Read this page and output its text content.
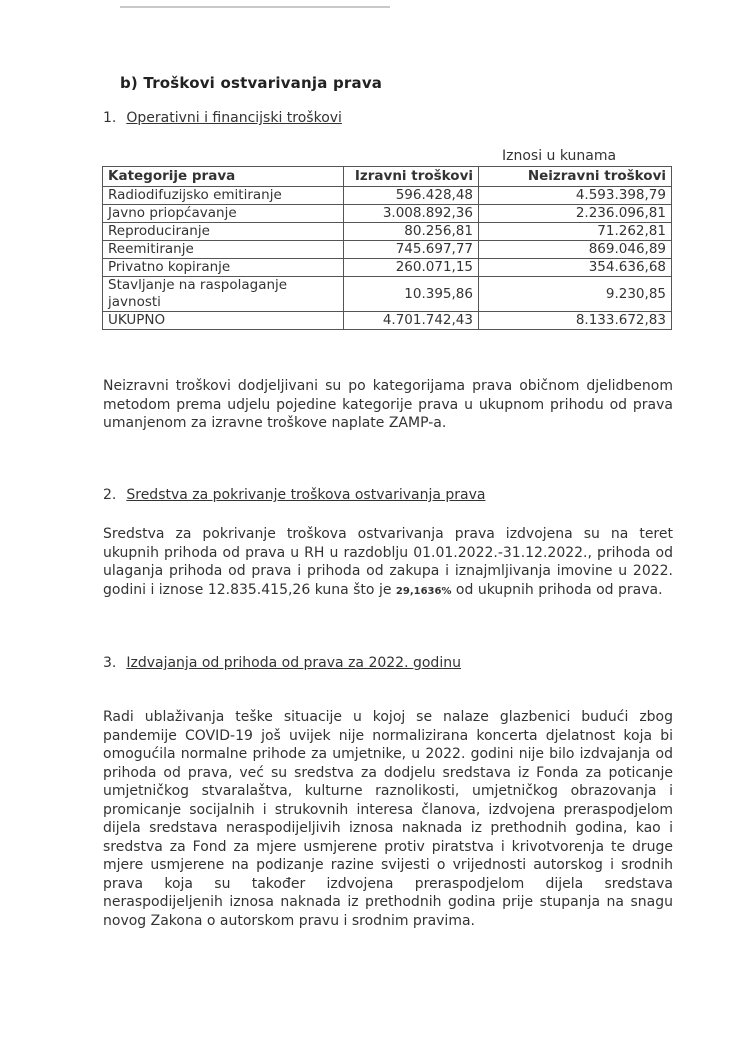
b) Troškovi ostvarivanja prava
1. Operativni i financijski troškovi
Iznosi u kunama
Kategorije prava	Izravni troškovi	Neizravni troškovi
Radiodifuzijsko emitiranje	596.428,48	4.593.398,79
Javno priopćavanje	3.008.892,36	2.236.096,81
Reproduciranje	80.256,81	71.262,81
Reemitiranje	745.697,77	869.046,89
Privatno kopiranje	260.071,15	354.636,68
Stavljanje na raspolaganje javnosti	10.395,86	9.230,85
UKUPNO	4.701.742,43	8.133.672,83
Neizravni troškovi dodjeljivani su po kategorijama prava običnom djelidbenom metodom prema udjelu pojedine kategorije prava u ukupnom prihodu od prava umanjenom za izravne troškove naplate ZAMP-a.
2. Sredstva za pokrivanje troškova ostvarivanja prava
Sredstva za pokrivanje troškova ostvarivanja prava izdvojena su na teret ukupnih prihoda od prava u RH u razdoblju 01.01.2022.-31.12.2022., prihoda od ulaganja prihoda od prava i prihoda od zakupa i iznajmljivanja imovine u 2022. godini i iznose 12.835.415,26 kuna što je 29,1636% od ukupnih prihoda od prava.
3. Izdvajanja od prihoda od prava za 2022. godinu
Radi ublaživanja teške situacije u kojoj se nalaze glazbenici budući zbog pandemije COVID-19 još uvijek nije normalizirana koncerta djelatnost koja bi omogućila normalne prihode za umjetnike, u 2022. godini nije bilo izdvajanja od prihoda od prava, već su sredstva za dodjelu sredstava iz Fonda za poticanje umjetničkog stvaralaštva, kulturne raznolikosti, umjetničkog obrazovanja i promicanje socijalnih i strukovnih interesa članova, izdvojena preraspodjelom dijela sredstava neraspodijeljivih iznosa naknada iz prethodnih godina, kao i sredstva za Fond za mjere usmjerene protiv piratstva i krivotvorenja te druge mjere usmjerene na podizanje razine svijesti o vrijednosti autorskog i srodnih prava koja su također izdvojena preraspodjelom dijela sredstava neraspodijeljenih iznosa naknada iz prethodnih godina prije stupanja na snagu novog Zakona o autorskom pravu i srodnim pravima.
